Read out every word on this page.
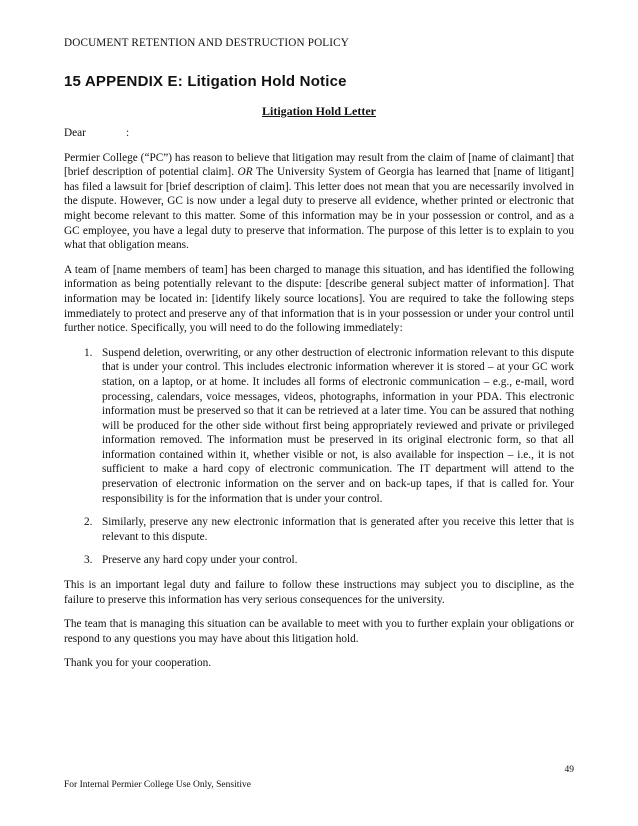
DOCUMENT RETENTION AND DESTRUCTION POLICY
15 APPENDIX E: Litigation Hold Notice
Litigation Hold Letter

Dear	:

Permier College (“PC”) has reason to believe that litigation may result from the claim of [name of claimant] that [brief description of potential claim]. OR The University System of Georgia has learned that [name of litigant] has filed a lawsuit for [brief description of claim]. This letter does not mean that you are necessarily involved in the dispute. However, GC is now under a legal duty to preserve all evidence, whether printed or electronic that might become relevant to this matter. Some of this information may be in your possession or control, and as a GC employee, you have a legal duty to preserve that information. The purpose of this letter is to explain to you what that obligation means.

A team of [name members of team] has been charged to manage this situation, and has identified the following information as being potentially relevant to the dispute: [describe general subject matter of information]. That information may be located in: [identify likely source locations]. You are required to take the following steps immediately to protect and preserve any of that information that is in your possession or under your control until further notice. Specifically, you will need to do the following immediately:

1. Suspend deletion, overwriting, or any other destruction of electronic information relevant to this dispute that is under your control. This includes electronic information wherever it is stored – at your GC work station, on a laptop, or at home. It includes all forms of electronic communication – e.g., e-mail, word processing, calendars, voice messages, videos, photographs, information in your PDA. This electronic information must be preserved so that it can be retrieved at a later time. You can be assured that nothing will be produced for the other side without first being appropriately reviewed and private or privileged information removed. The information must be preserved in its original electronic form, so that all information contained within it, whether visible or not, is also available for inspection – i.e., it is not sufficient to make a hard copy of electronic communication. The IT department will attend to the preservation of electronic information on the server and on back-up tapes, if that is called for. Your responsibility is for the information that is under your control.
2. Similarly, preserve any new electronic information that is generated after you receive this letter that is relevant to this dispute.
3. Preserve any hard copy under your control.

This is an important legal duty and failure to follow these instructions may subject you to discipline, as the failure to preserve this information has very serious consequences for the university.

The team that is managing this situation can be available to meet with you to further explain your obligations or respond to any questions you may have about this litigation hold.

Thank you for your cooperation.

49
For Internal Permier College Use Only, Sensitive
